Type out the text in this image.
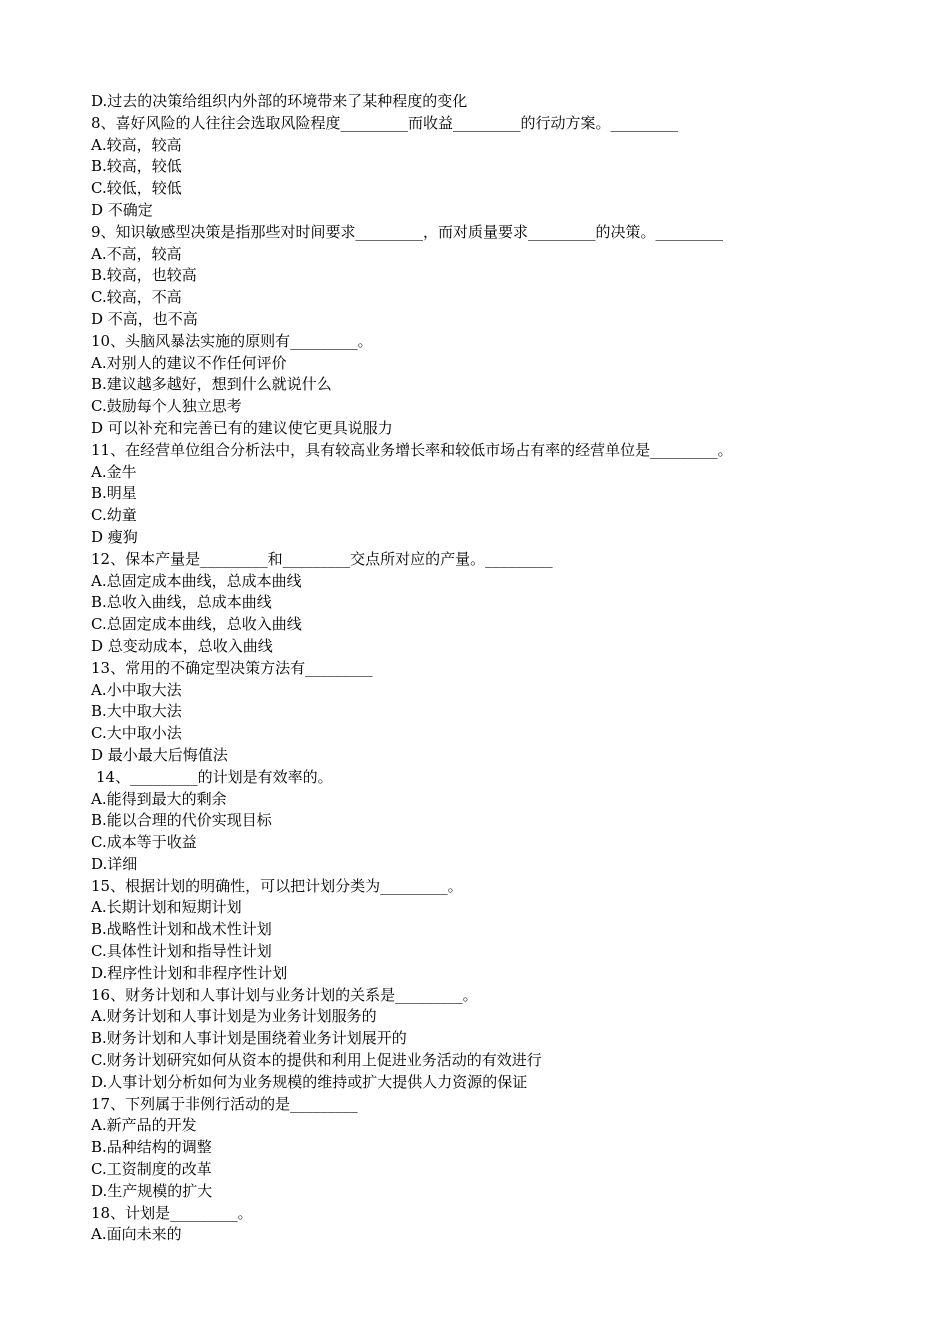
D.过去的决策给组织内外部的环境带来了某种程度的变化
8、喜好风险的人往往会选取风险程度_________而收益_________的行动方案。_________
A.较高，较高
B.较高，较低
C.较低，较低
D 不确定
9、知识敏感型决策是指那些对时间要求_________，而对质量要求_________的决策。_________
A.不高，较高
B.较高，也较高
C.较高，不高
D 不高，也不高
10、头脑风暴法实施的原则有_________。
A.对别人的建议不作任何评价
B.建议越多越好，想到什么就说什么
C.鼓励每个人独立思考
D 可以补充和完善已有的建议使它更具说服力
11、在经营单位组合分析法中，具有较高业务增长率和较低市场占有率的经营单位是_________。
A.金牛
B.明星
C.幼童
D 瘦狗
12、保本产量是_________和_________交点所对应的产量。_________
A.总固定成本曲线，总成本曲线
B.总收入曲线，总成本曲线
C.总固定成本曲线，总收入曲线
D 总变动成本，总收入曲线
13、常用的不确定型决策方法有_________
A.小中取大法
B.大中取大法
C.大中取小法
D 最小最大后悔值法
14、_________的计划是有效率的。
A.能得到最大的剩余
B.能以合理的代价实现目标
C.成本等于收益
D.详细
15、根据计划的明确性，可以把计划分类为_________。
A.长期计划和短期计划
B.战略性计划和战术性计划
C.具体性计划和指导性计划
D.程序性计划和非程序性计划
16、财务计划和人事计划与业务计划的关系是_________。
A.财务计划和人事计划是为业务计划服务的
B.财务计划和人事计划是围绕着业务计划展开的
C.财务计划研究如何从资本的提供和利用上促进业务活动的有效进行
D.人事计划分析如何为业务规模的维持或扩大提供人力资源的保证
17、下列属于非例行活动的是_________
A.新产品的开发
B.品种结构的调整
C.工资制度的改革
D.生产规模的扩大
18、计划是_________。
A.面向未来的
